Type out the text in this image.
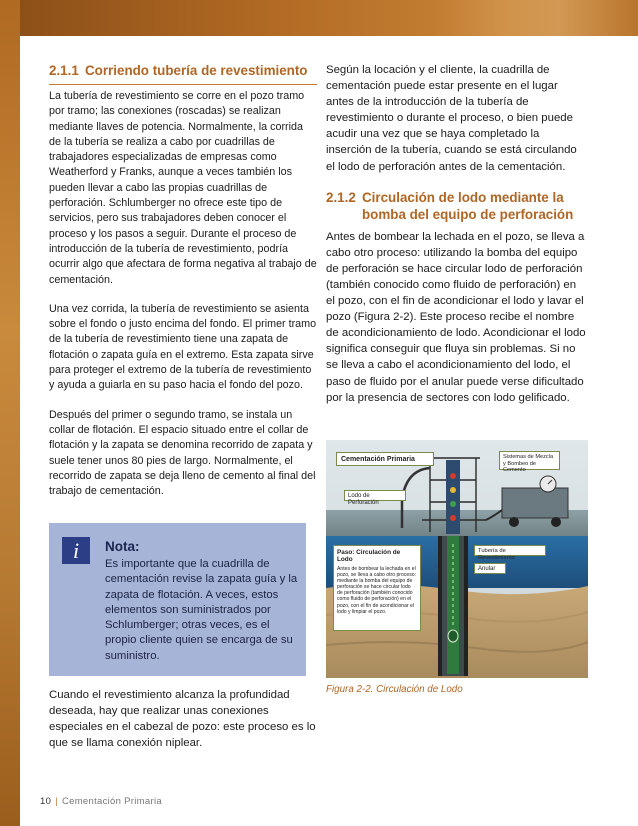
2.1.1 Corriendo tubería de revestimiento

La tubería de revestimiento se corre en el pozo tramo por tramo; las conexiones (roscadas) se realizan mediante llaves de potencia. Normalmente, la corrida de la tubería se realiza a cabo por cuadrillas de trabajadores especializadas de empresas como Weatherford y Franks, aunque a veces también los pueden llevar a cabo las propias cuadrillas de perforación. Schlumberger no ofrece este tipo de servicios, pero sus trabajadores deben conocer el proceso y los pasos a seguir. Durante el proceso de introducción de la tubería de revestimiento, podría ocurrir algo que afectara de forma negativa al trabajo de cementación.

Una vez corrida, la tubería de revestimiento se asienta sobre el fondo o justo encima del fondo. El primer tramo de la tubería de revestimiento tiene una zapata de flotación o zapata guía en el extremo. Esta zapata sirve para proteger el extremo de la tubería de revestimiento y ayuda a guiarla en su paso hacia el fondo del pozo.

Después del primer o segundo tramo, se instala un collar de flotación. El espacio situado entre el collar de flotación y la zapata se denomina recorrido de zapata y suele tener unos 80 pies de largo. Normalmente, el recorrido de zapata se deja lleno de cemento al final del trabajo de cementación.

i	Nota:
Es importante que la cuadrilla de cementación revise la zapata guía y la zapata de flotación. A veces, estos elementos son suministrados por Schlumberger; otras veces, es el propio cliente quien se encarga de su suministro.

Cuando el revestimiento alcanza la profundidad deseada, hay que realizar unas conexiones especiales en el cabezal de pozo: este proceso es lo que se llama conexión niplear.

Según la locación y el cliente, la cuadrilla de cementación puede estar presente en el lugar antes de la introducción de la tubería de revestimiento o durante el proceso, o bien puede acudir una vez que se haya completado la inserción de la tubería, cuando se está circulando el lodo de perforación antes de la cementación.

2.1.2 Circulación de lodo mediante la bomba del equipo de perforación

Antes de bombear la lechada en el pozo, se lleva a cabo otro proceso: utilizando la bomba del equipo de perforación se hace circular lodo de perforación (también conocido como fluido de perforación) en el pozo, con el fin de acondicionar el lodo y lavar el pozo (Figura 2-2). Este proceso recibe el nombre de acondicionamiento de lodo. Acondicionar el lodo significa conseguir que fluya sin problemas. Si no se lleva a cabo el acondicionamiento del lodo, el paso de fluido por el anular puede verse dificultado por la presencia de sectores con lodo gelificado.

Cementación Primaria	Sistemas de Mezcla y Bombeo de Cemento
Lodo de Perforación
Paso: Circulación de Lodo
Antes de bombear la lechada en el pozo, se lleva a cabo otro proceso: mediante la bomba del equipo de perforación se hace circular lodo de perforación (también conocido como fluido de perforación) en el pozo, con el fin de acondicionar el lodo y limpiar el pozo.
Tubería de Revestimiento
Anular
Figura 2-2. Circulación de Lodo
10 | Cementación Primaria
